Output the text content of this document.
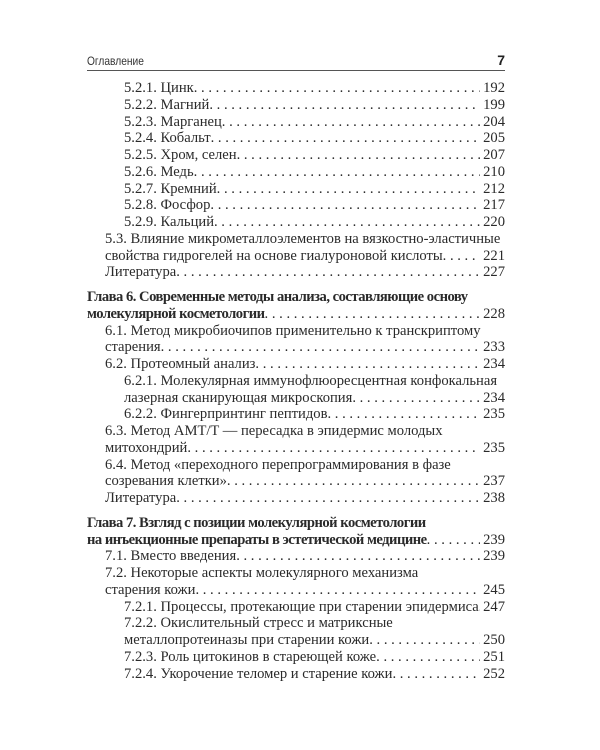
Оглавление	7
5.2.1. Цинк . . .	192
5.2.2. Магний . . .	199
5.2.3. Марганец . . .	204
5.2.4. Кобальт . . .	205
5.2.5. Хром, селен . . .	207
5.2.6. Медь . . .	210
5.2.7. Кремний . . .	212
5.2.8. Фосфор . . .	217
5.2.9. Кальций . . .	220
5.3. Влияние микрометаллоэлементов на вязкостно-эластичные
свойства гидрогелей на основе гиалуроновой кислоты . . .	221
Литература . . .	227
Глава 6. Современные методы анализа, составляющие основу
молекулярной косметологии . . .	228
6.1. Метод микробиочипов применительно к транскриптому
старения . . .	233
6.2. Протеомный анализ . . .	234
6.2.1. Молекулярная иммунофлюоресцентная конфокальная
лазерная сканирующая микроскопия . . .	234
6.2.2. Фингерпринтинг пептидов . . .	235
6.3. Метод AMT/T — пересадка в эпидермис молодых
митохондрий . . .	235
6.4. Метод «переходного перепрограммирования в фазе
созревания клетки» . . .	237
Литература . . .	238
Глава 7. Взгляд с позиции молекулярной косметологии
на инъекционные препараты в эстетической медицине . . .	239
7.1. Вместо введения . . .	239
7.2. Некоторые аспекты молекулярного механизма
старения кожи . . .	245
7.2.1. Процессы, протекающие при старении эпидермиса . . . 247
7.2.2. Окислительный стресс и матриксные
металлопротеиназы при старении кожи . . .	250
7.2.3. Роль цитокинов в стареющей коже . . .	251
7.2.4. Укорочение теломер и старение кожи . . .	252
